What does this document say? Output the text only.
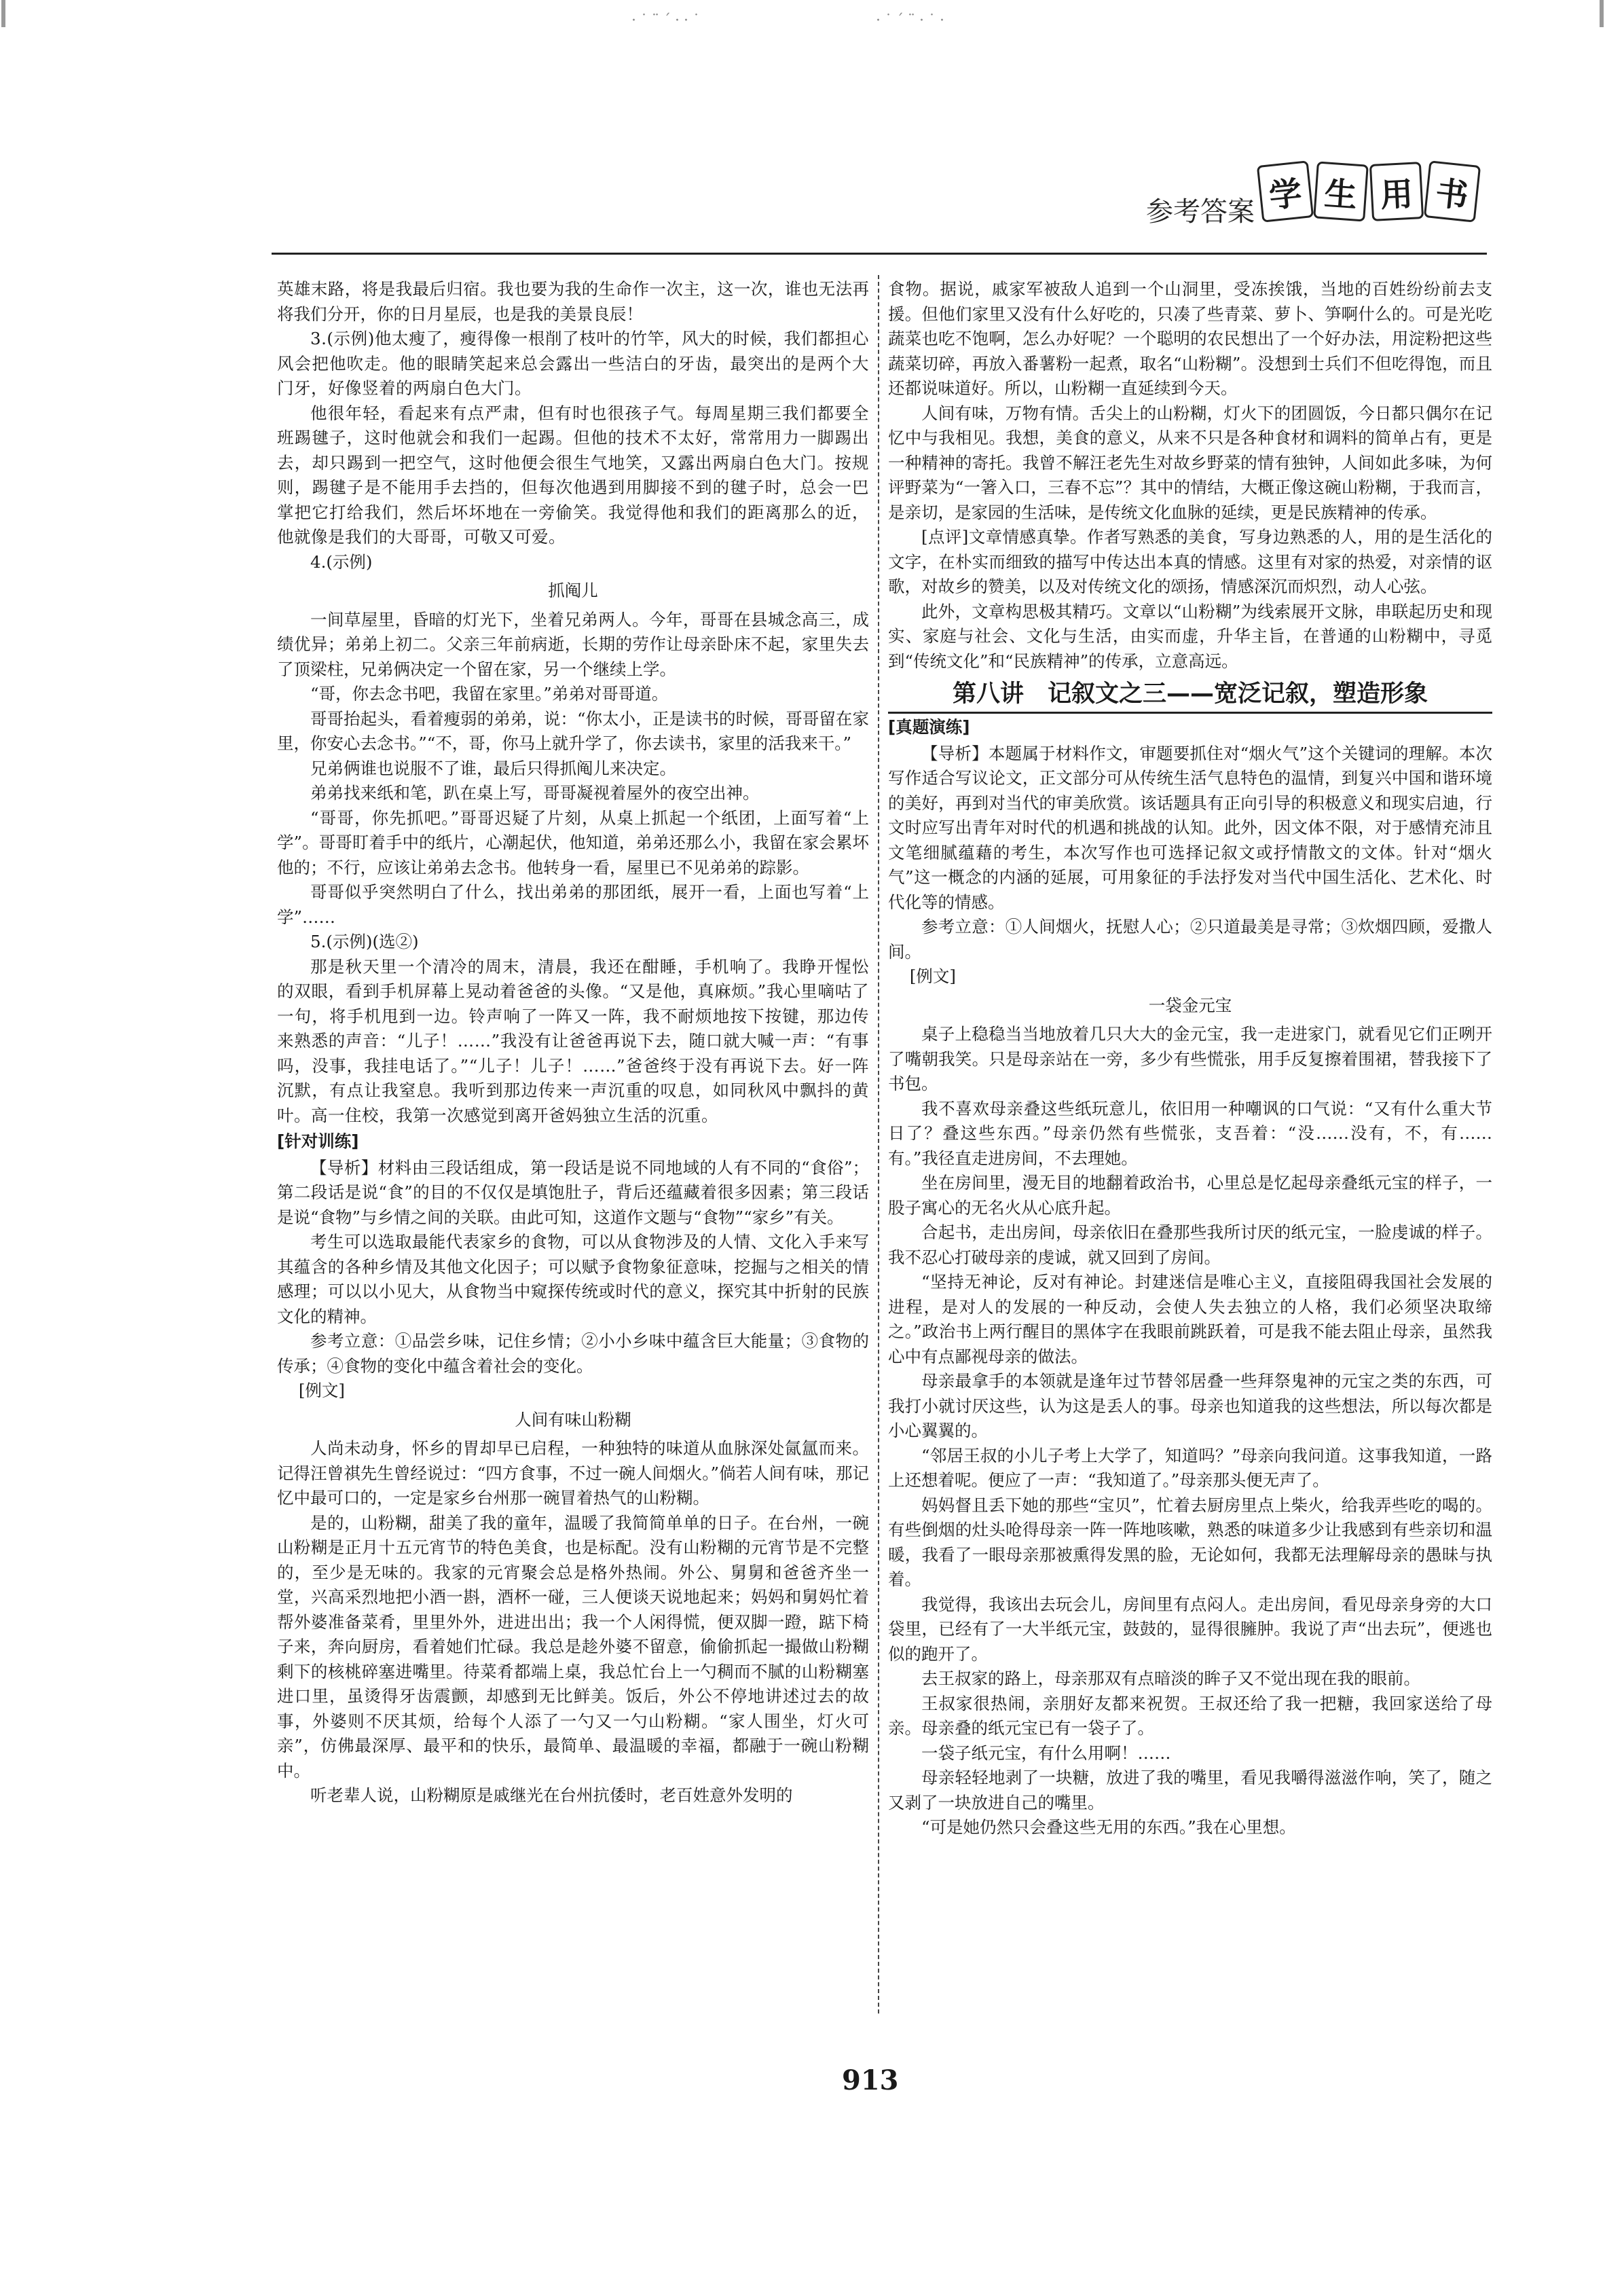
·˙¨ˊ··˙	·˙ˊ¨·˙·
参考答案 学 生 用 书

英雄末路，将是我最后归宿。我也要为我的生命作一次主，这一次，谁也无法再将我们分开，你的日月星辰，也是我的美景良辰！

3.(示例)他太瘦了，瘦得像一根削了枝叶的竹竿，风大的时候，我们都担心风会把他吹走。他的眼睛笑起来总会露出一些洁白的牙齿，最突出的是两个大门牙，好像竖着的两扇白色大门。

他很年轻，看起来有点严肃，但有时也很孩子气。每周星期三我们都要全班踢毽子，这时他就会和我们一起踢。但他的技术不太好，常常用力一脚踢出去，却只踢到一把空气，这时他便会很生气地笑，又露出两扇白色大门。按规则，踢毽子是不能用手去挡的，但每次他遇到用脚接不到的毽子时，总会一巴掌把它打给我们，然后坏坏地在一旁偷笑。我觉得他和我们的距离那么的近，他就像是我们的大哥哥，可敬又可爱。

4.(示例)

抓阄儿

一间草屋里，昏暗的灯光下，坐着兄弟两人。今年，哥哥在县城念高三，成绩优异；弟弟上初二。父亲三年前病逝，长期的劳作让母亲卧床不起，家里失去了顶梁柱，兄弟俩决定一个留在家，另一个继续上学。

“哥，你去念书吧，我留在家里。”弟弟对哥哥道。

哥哥抬起头，看着瘦弱的弟弟，说：“你太小，正是读书的时候，哥哥留在家里，你安心去念书。”“不，哥，你马上就升学了，你去读书，家里的活我来干。”

兄弟俩谁也说服不了谁，最后只得抓阄儿来决定。

弟弟找来纸和笔，趴在桌上写，哥哥凝视着屋外的夜空出神。

“哥哥，你先抓吧。”哥哥迟疑了片刻，从桌上抓起一个纸团，上面写着“上学”。哥哥盯着手中的纸片，心潮起伏，他知道，弟弟还那么小，我留在家会累坏他的；不行，应该让弟弟去念书。他转身一看，屋里已不见弟弟的踪影。

哥哥似乎突然明白了什么，找出弟弟的那团纸，展开一看，上面也写着“上学”……

5.(示例)(选②)

那是秋天里一个清冷的周末，清晨，我还在酣睡，手机响了。我睁开惺忪的双眼，看到手机屏幕上晃动着爸爸的头像。“又是他，真麻烦。”我心里嘀咕了一句，将手机甩到一边。铃声响了一阵又一阵，我不耐烦地按下按键，那边传来熟悉的声音：“儿子！……”我没有让爸爸再说下去，随口就大喊一声：“有事吗，没事，我挂电话了。”“儿子！儿子！……”爸爸终于没有再说下去。好一阵沉默，有点让我窒息。我听到那边传来一声沉重的叹息，如同秋风中飘抖的黄叶。高一住校，我第一次感觉到离开爸妈独立生活的沉重。

[针对训练]

【导析】材料由三段话组成，第一段话是说不同地域的人有不同的“食俗”；第二段话是说“食”的目的不仅仅是填饱肚子，背后还蕴藏着很多因素；第三段话是说“食物”与乡情之间的关联。由此可知，这道作文题与“食物”“家乡”有关。

考生可以选取最能代表家乡的食物，可以从食物涉及的人情、文化入手来写其蕴含的各种乡情及其他文化因子；可以赋予食物象征意味，挖掘与之相关的情感理；可以以小见大，从食物当中窥探传统或时代的意义，探究其中折射的民族文化的精神。

参考立意：①品尝乡味，记住乡情；②小小乡味中蕴含巨大能量；③食物的传承；④食物的变化中蕴含着社会的变化。

[例文]

人间有味山粉糊

人尚未动身，怀乡的胃却早已启程，一种独特的味道从血脉深处氤氲而来。记得汪曾祺先生曾经说过：“四方食事，不过一碗人间烟火。”倘若人间有味，那记忆中最可口的，一定是家乡台州那一碗冒着热气的山粉糊。

是的，山粉糊，甜美了我的童年，温暖了我简简单单的日子。在台州，一碗山粉糊是正月十五元宵节的特色美食，也是标配。没有山粉糊的元宵节是不完整的，至少是无味的。我家的元宵聚会总是格外热闹。外公、舅舅和爸爸齐坐一堂，兴高采烈地把小酒一斟，酒杯一碰，三人便谈天说地起来；妈妈和舅妈忙着帮外婆准备菜肴，里里外外，进进出出；我一个人闲得慌，便双脚一蹬，踮下椅子来，奔向厨房，看着她们忙碌。我总是趁外婆不留意，偷偷抓起一撮做山粉糊剩下的核桃碎塞进嘴里。待菜肴都端上桌，我总忙台上一勺稠而不腻的山粉糊塞进口里，虽烫得牙齿震颤，却感到无比鲜美。饭后，外公不停地讲述过去的故事，外婆则不厌其烦，给每个人添了一勺又一勺山粉糊。“家人围坐，灯火可亲”，仿佛最深厚、最平和的快乐，最简单、最温暖的幸福，都融于一碗山粉糊中。

听老辈人说，山粉糊原是戚继光在台州抗倭时，老百姓意外发明的

食物。据说，戚家军被敌人追到一个山洞里，受冻挨饿，当地的百姓纷纷前去支援。但他们家里又没有什么好吃的，只凑了些青菜、萝卜、笋啊什么的。可是光吃蔬菜也吃不饱啊，怎么办好呢？一个聪明的农民想出了一个好办法，用淀粉把这些蔬菜切碎，再放入番薯粉一起煮，取名“山粉糊”。没想到士兵们不但吃得饱，而且还都说味道好。所以，山粉糊一直延续到今天。

人间有味，万物有情。舌尖上的山粉糊，灯火下的团圆饭，今日都只偶尔在记忆中与我相见。我想，美食的意义，从来不只是各种食材和调料的简单占有，更是一种精神的寄托。我曾不解汪老先生对故乡野菜的情有独钟，人间如此多味，为何评野菜为“一箸入口，三春不忘”？其中的情结，大概正像这碗山粉糊，于我而言，是亲切，是家园的生活味，是传统文化血脉的延续，更是民族精神的传承。

[点评]文章情感真挚。作者写熟悉的美食，写身边熟悉的人，用的是生活化的文字，在朴实而细致的描写中传达出本真的情感。这里有对家的热爱，对亲情的讴歌，对故乡的赞美，以及对传统文化的颂扬，情感深沉而炽烈，动人心弦。

此外，文章构思极其精巧。文章以“山粉糊”为线索展开文脉，串联起历史和现实、家庭与社会、文化与生活，由实而虚，升华主旨，在普通的山粉糊中，寻觅到“传统文化”和“民族精神”的传承，立意高远。

第八讲　记叙文之三——宽泛记叙，塑造形象

[真题演练]

【导析】本题属于材料作文，审题要抓住对“烟火气”这个关键词的理解。本次写作适合写议论文，正文部分可从传统生活气息特色的温情，到复兴中国和谐环境的美好，再到对当代的审美欣赏。该话题具有正向引导的积极意义和现实启迪，行文时应写出青年对时代的机遇和挑战的认知。此外，因文体不限，对于感情充沛且文笔细腻蕴藉的考生，本次写作也可选择记叙文或抒情散文的文体。针对“烟火气”这一概念的内涵的延展，可用象征的手法抒发对当代中国生活化、艺术化、时代化等的情感。

参考立意：①人间烟火，抚慰人心；②只道最美是寻常；③炊烟四顾，爱撒人间。

[例文]

一袋金元宝

桌子上稳稳当当地放着几只大大的金元宝，我一走进家门，就看见它们正咧开了嘴朝我笑。只是母亲站在一旁，多少有些慌张，用手反复擦着围裙，替我接下了书包。

我不喜欢母亲叠这些纸玩意儿，依旧用一种嘲讽的口气说：“又有什么重大节日了？叠这些东西。”母亲仍然有些慌张，支吾着：“没……没有，不，有……有。”我径直走进房间，不去理她。

坐在房间里，漫无目的地翻着政治书，心里总是忆起母亲叠纸元宝的样子，一股子寓心的无名火从心底升起。

合起书，走出房间，母亲依旧在叠那些我所讨厌的纸元宝，一脸虔诚的样子。我不忍心打破母亲的虔诚，就又回到了房间。

“坚持无神论，反对有神论。封建迷信是唯心主义，直接阻碍我国社会发展的进程，是对人的发展的一种反动，会使人失去独立的人格，我们必须坚决取缔之。”政治书上两行醒目的黑体字在我眼前跳跃着，可是我不能去阻止母亲，虽然我心中有点鄙视母亲的做法。

母亲最拿手的本领就是逢年过节替邻居叠一些拜祭鬼神的元宝之类的东西，可我打小就讨厌这些，认为这是丢人的事。母亲也知道我的这些想法，所以每次都是小心翼翼的。

“邻居王叔的小儿子考上大学了，知道吗？”母亲向我问道。这事我知道，一路上还想着呢。便应了一声：“我知道了。”母亲那头便无声了。

妈妈督且丢下她的那些“宝贝”，忙着去厨房里点上柴火，给我弄些吃的喝的。有些倒烟的灶头呛得母亲一阵一阵地咳嗽，熟悉的味道多少让我感到有些亲切和温暖，我看了一眼母亲那被熏得发黑的脸，无论如何，我都无法理解母亲的愚昧与执着。

我觉得，我该出去玩会儿，房间里有点闷人。走出房间，看见母亲身旁的大口袋里，已经有了一大半纸元宝，鼓鼓的，显得很臃肿。我说了声“出去玩”，便逃也似的跑开了。

去王叔家的路上，母亲那双有点暗淡的眸子又不觉出现在我的眼前。

王叔家很热闹，亲朋好友都来祝贺。王叔还给了我一把糖，我回家送给了母亲。母亲叠的纸元宝已有一袋子了。

一袋子纸元宝，有什么用啊！……

母亲轻轻地剥了一块糖，放进了我的嘴里，看见我嚼得滋滋作响，笑了，随之又剥了一块放进自己的嘴里。

“可是她仍然只会叠这些无用的东西。”我在心里想。

913
